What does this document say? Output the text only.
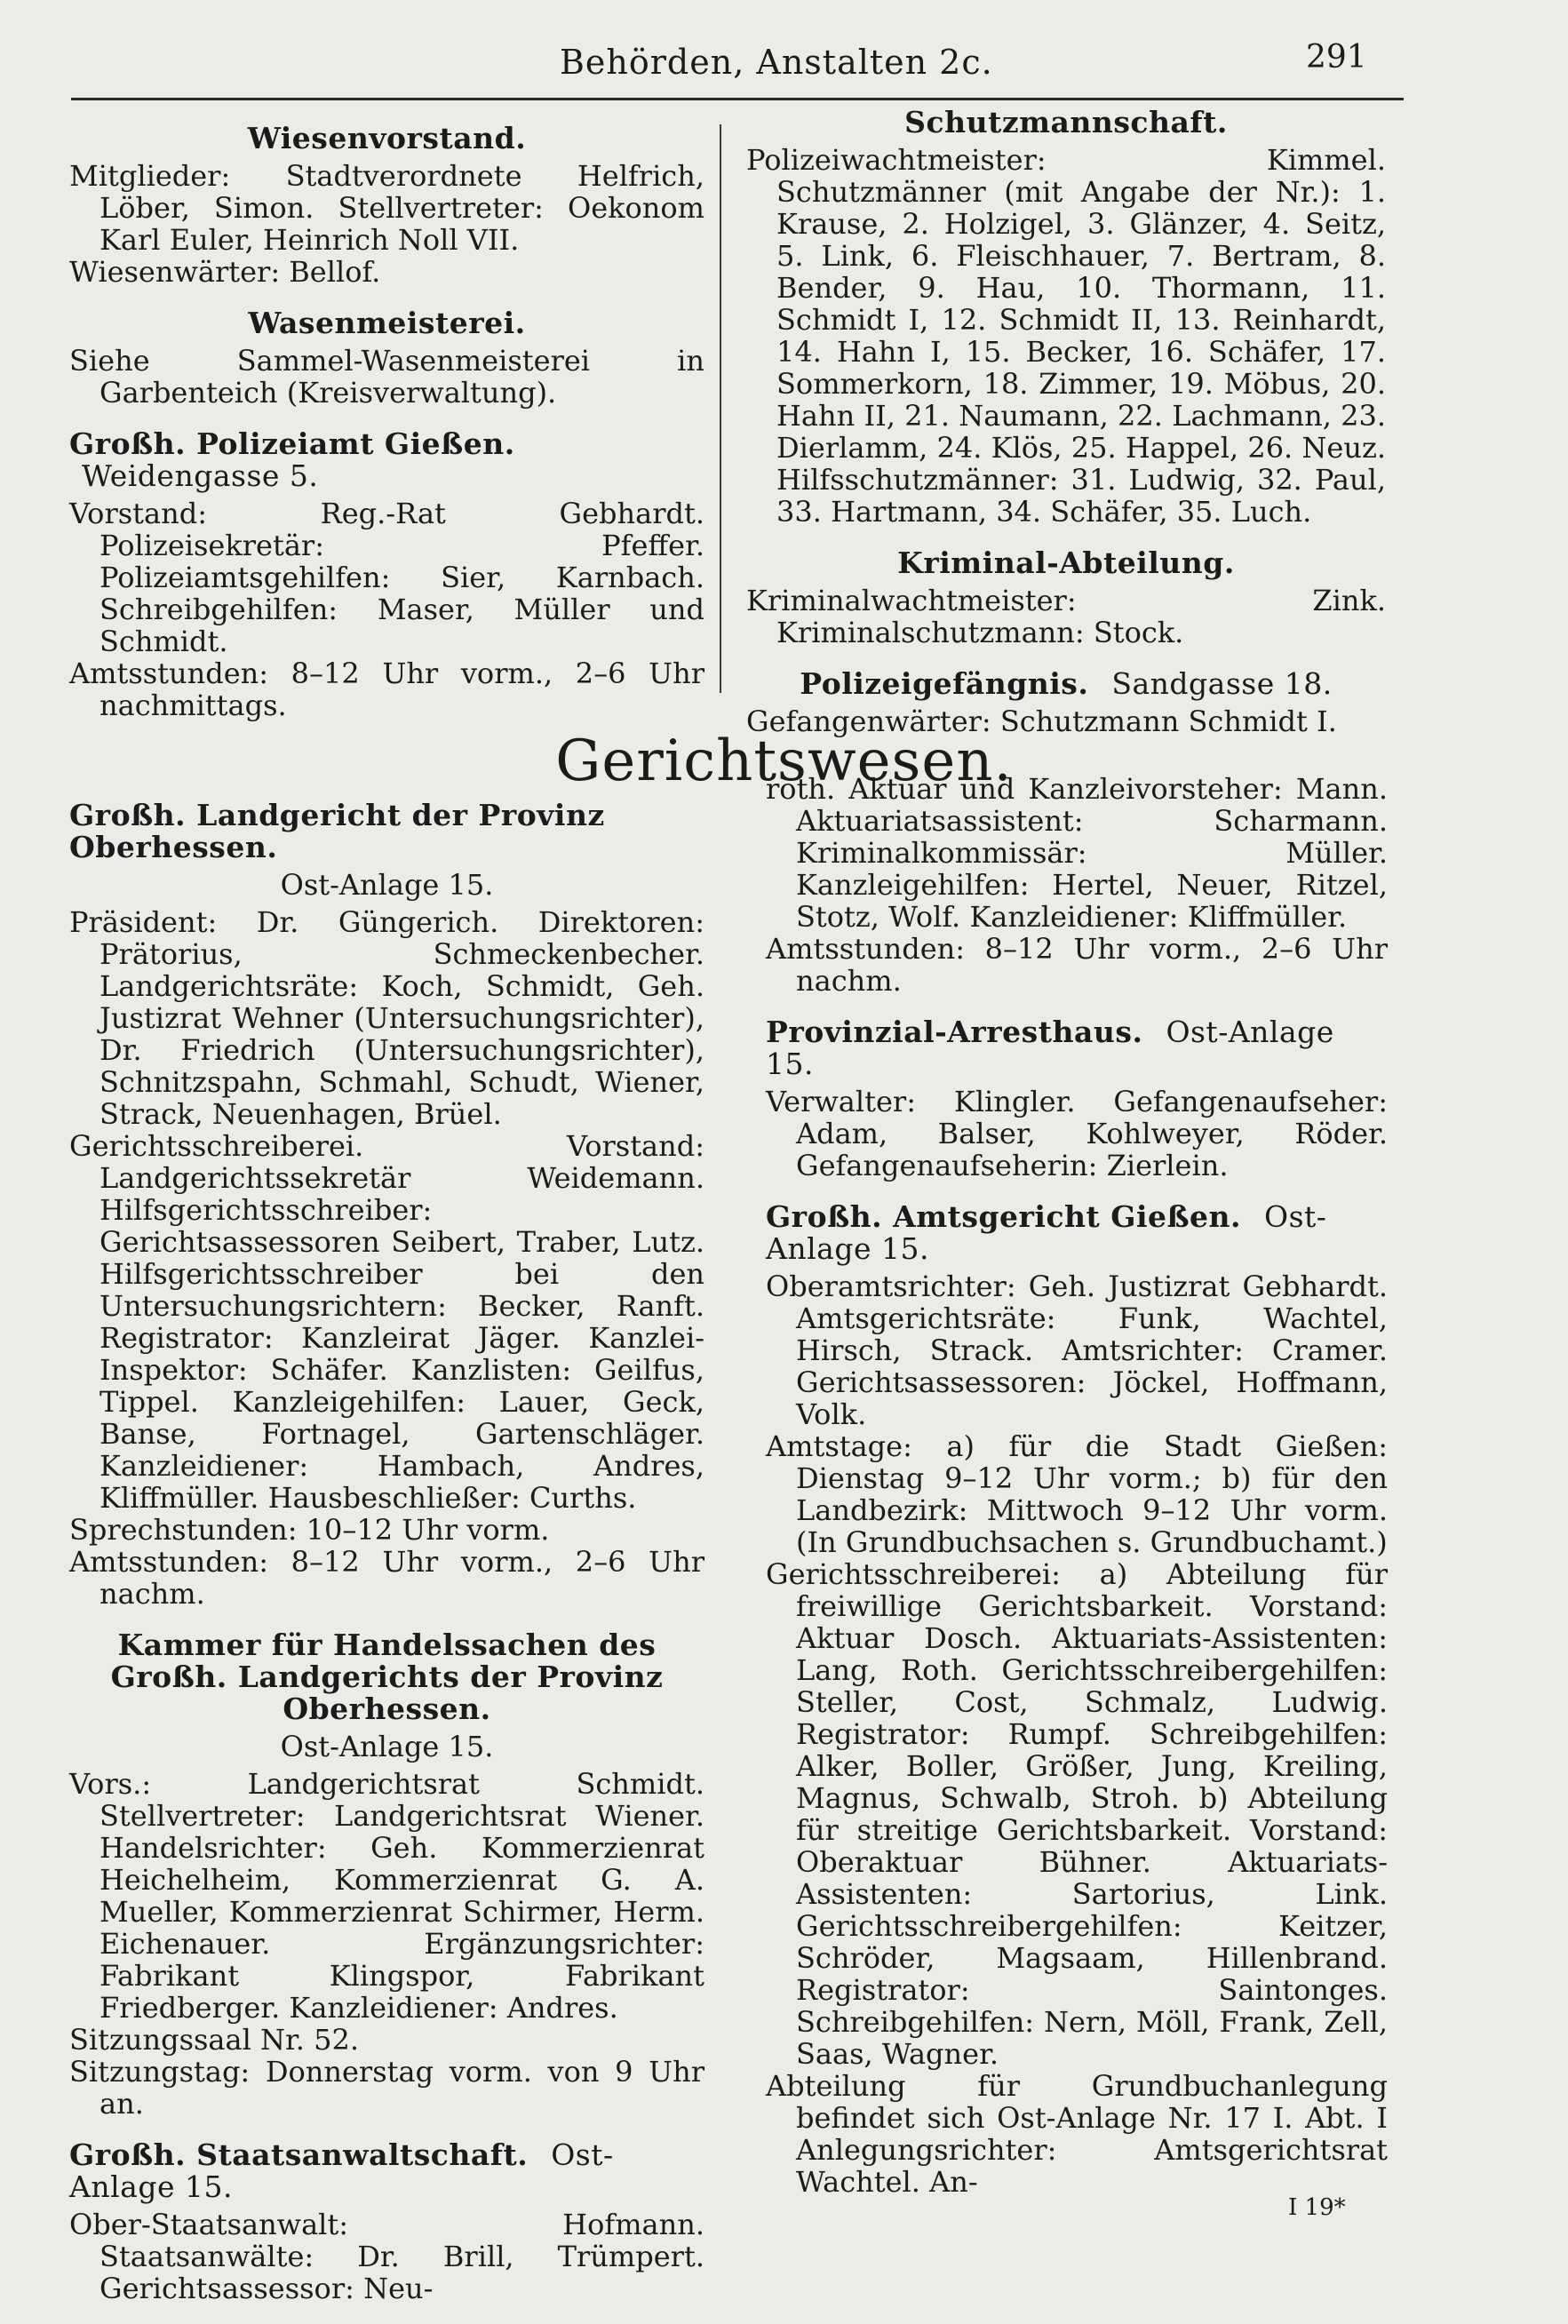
Behörden, Anstalten 2c.	291

Wiesenvorstand.

Mitglieder: Stadtverordnete Helfrich, Löber, Simon. Stellvertreter: Oekonom Karl Euler, Heinrich Noll VII.

Wiesenwärter: Bellof.

Wasenmeisterei.

Siehe Sammel-Wasenmeisterei in Garbenteich (Kreisverwaltung).

Großh. Polizeiamt Gießen. Weidengasse 5.

Vorstand: Reg.-Rat Gebhardt. Polizeisekretär: Pfeffer. Polizeiamtsgehilfen: Sier, Karnbach. Schreibgehilfen: Maser, Müller und Schmidt.

Amtsstunden: 8–12 Uhr vorm., 2–6 Uhr nachmittags.

Schutzmannschaft.

Polizeiwachtmeister: Kimmel. Schutzmänner (mit Angabe der Nr.): 1. Krause, 2. Holzigel, 3. Glänzer, 4. Seitz, 5. Link, 6. Fleischhauer, 7. Bertram, 8. Bender, 9. Hau, 10. Thormann, 11. Schmidt I, 12. Schmidt II, 13. Reinhardt, 14. Hahn I, 15. Becker, 16. Schäfer, 17. Sommerkorn, 18. Zimmer, 19. Möbus, 20. Hahn II, 21. Naumann, 22. Lachmann, 23. Dierlamm, 24. Klös, 25. Happel, 26. Neuz. Hilfsschutzmänner: 31. Ludwig, 32. Paul, 33. Hartmann, 34. Schäfer, 35. Luch.

Kriminal-Abteilung.

Kriminalwachtmeister: Zink. Kriminalschutzmann: Stock.

Polizeigefängnis. Sandgasse 18.

Gefangenwärter: Schutzmann Schmidt I.

Gerichtswesen.

Großh. Landgericht der Provinz Oberhessen.

Ost-Anlage 15.

Präsident: Dr. Güngerich. Direktoren: Prätorius, Schmeckenbecher. Landgerichtsräte: Koch, Schmidt, Geh. Justizrat Wehner (Untersuchungsrichter), Dr. Friedrich (Untersuchungsrichter), Schnitzspahn, Schmahl, Schudt, Wiener, Strack, Neuenhagen, Brüel.

Gerichtsschreiberei. Vorstand: Landgerichtssekretär Weidemann. Hilfsgerichtsschreiber: Gerichtsassessoren Seibert, Traber, Lutz. Hilfsgerichtsschreiber bei den Untersuchungsrichtern: Becker, Ranft. Registrator: Kanzleirat Jäger. Kanzlei-Inspektor: Schäfer. Kanzlisten: Geilfus, Tippel. Kanzleigehilfen: Lauer, Geck, Banse, Fortnagel, Gartenschläger. Kanzleidiener: Hambach, Andres, Kliffmüller. Hausbeschließer: Curths.

Sprechstunden: 10–12 Uhr vorm.

Amtsstunden: 8–12 Uhr vorm., 2–6 Uhr nachm.

Kammer für Handelssachen des Großh. Landgerichts der Provinz Oberhessen.

Ost-Anlage 15.

Vors.: Landgerichtsrat Schmidt. Stellvertreter: Landgerichtsrat Wiener. Handelsrichter: Geh. Kommerzienrat Heichelheim, Kommerzienrat G. A. Mueller, Kommerzienrat Schirmer, Herm. Eichenauer. Ergänzungsrichter: Fabrikant Klingspor, Fabrikant Friedberger. Kanzleidiener: Andres.

Sitzungssaal Nr. 52.

Sitzungstag: Donnerstag vorm. von 9 Uhr an.

Großh. Staatsanwaltschaft. Ost-Anlage 15.

Ober-Staatsanwalt: Hofmann. Staatsanwälte: Dr. Brill, Trümpert. Gerichtsassessor: Neu-

roth. Aktuar und Kanzleivorsteher: Mann. Aktuariatsassistent: Scharmann. Kriminalkommissär: Müller. Kanzleigehilfen: Hertel, Neuer, Ritzel, Stotz, Wolf. Kanzleidiener: Kliffmüller.

Amtsstunden: 8–12 Uhr vorm., 2–6 Uhr nachm.

Provinzial-Arresthaus. Ost-Anlage 15.

Verwalter: Klingler. Gefangenaufseher: Adam, Balser, Kohlweyer, Röder. Gefangenaufseherin: Zierlein.

Großh. Amtsgericht Gießen. Ost-Anlage 15.

Oberamtsrichter: Geh. Justizrat Gebhardt. Amtsgerichtsräte: Funk, Wachtel, Hirsch, Strack. Amtsrichter: Cramer. Gerichtsassessoren: Jöckel, Hoffmann, Volk.

Amtstage: a) für die Stadt Gießen: Dienstag 9–12 Uhr vorm.; b) für den Landbezirk: Mittwoch 9–12 Uhr vorm. (In Grundbuchsachen s. Grundbuchamt.)

Gerichtsschreiberei: a) Abteilung für freiwillige Gerichtsbarkeit. Vorstand: Aktuar Dosch. Aktuariats-Assistenten: Lang, Roth. Gerichtsschreibergehilfen: Steller, Cost, Schmalz, Ludwig. Registrator: Rumpf. Schreibgehilfen: Alker, Boller, Größer, Jung, Kreiling, Magnus, Schwalb, Stroh. b) Abteilung für streitige Gerichtsbarkeit. Vorstand: Oberaktuar Bühner. Aktuariats-Assistenten: Sartorius, Link. Gerichtsschreibergehilfen: Keitzer, Schröder, Magsaam, Hillenbrand. Registrator: Saintonges. Schreibgehilfen: Nern, Möll, Frank, Zell, Saas, Wagner.

Abteilung für Grundbuchanlegung befindet sich Ost-Anlage Nr. 17 I. Abt. I Anlegungsrichter: Amtsgerichtsrat Wachtel. An-

I 19*
